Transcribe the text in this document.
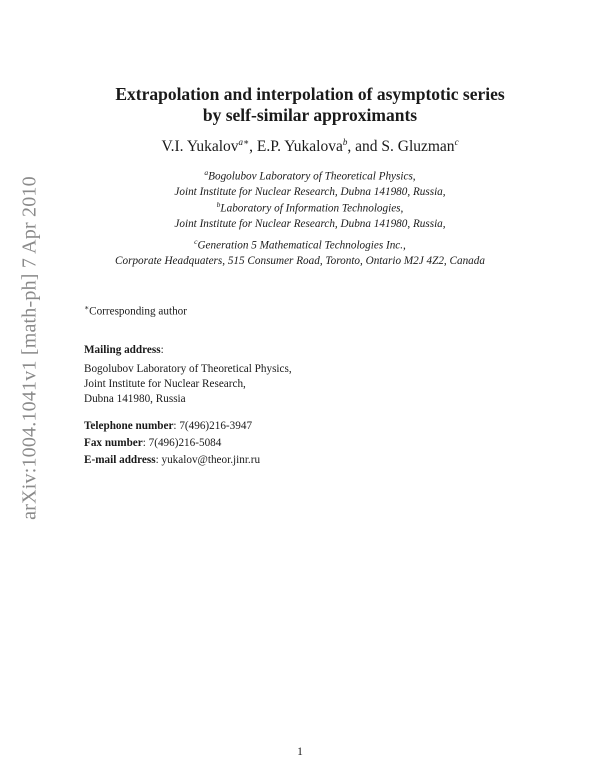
arXiv:1004.1041v1 [math-ph] 7 Apr 2010
Extrapolation and interpolation of asymptotic series
by self-similar approximants
V.I. Yukalov$^{a∗}$, E.P. Yukalova$^b$, and S. Gluzman$^c$
$^a$Bogolubov Laboratory of Theoretical Physics,
Joint Institute for Nuclear Research, Dubna 141980, Russia,
$^b$Laboratory of Information Technologies,
Joint Institute for Nuclear Research, Dubna 141980, Russia,
$^c$Generation 5 Mathematical Technologies Inc.,
Corporate Headquaters, 515 Consumer Road, Toronto, Ontario M2J 4Z2, Canada
∗Corresponding author
Mailing address:
Bogolubov Laboratory of Theoretical Physics,
Joint Institute for Nuclear Research,
Dubna 141980, Russia
Telephone number: 7(496)216-3947
Fax number: 7(496)216-5084
E-mail address: yukalov@theor.jinr.ru
1
